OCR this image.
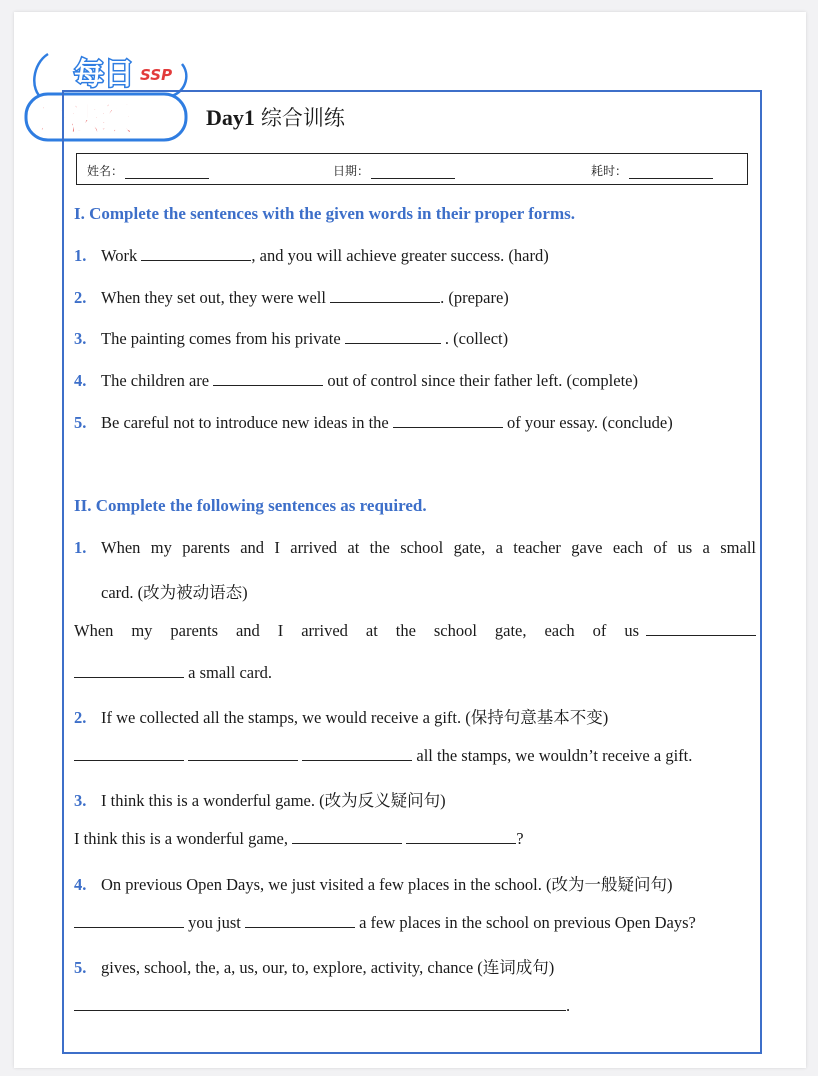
每日 SSP
语法纸	Day1 综合训练
姓名：	日期：	耗时：
I. Complete the sentences with the given words in their proper forms.
1. Work	, and you will achieve greater success. (hard)
2. When they set out, they were well	. (prepare)
3. The painting comes from his private	. (collect)
4. The children are	out of control since their father left. (complete)
5. Be careful not to introduce new ideas in the	of your essay. (conclude)
II. Complete the following sentences as required.
1. When my parents and I arrived at the school gate, a teacher gave each of us a small
card. (改为被动语态)
When my parents and I arrived at the school gate, each of us
a small card.
2. If we collected all the stamps, we would receive a gift. (保持句意基本不变)
all the stamps, we wouldn’t receive a gift.
3. I think this is a wonderful game. (改为反义疑问句)
I think this is a wonderful game,	?
4. On previous Open Days, we just visited a few places in the school. (改为一般疑问句)
you just	a few places in the school on previous Open Days?
5. gives, school, the, a, us, our, to, explore, activity, chance (连词成句)
.
